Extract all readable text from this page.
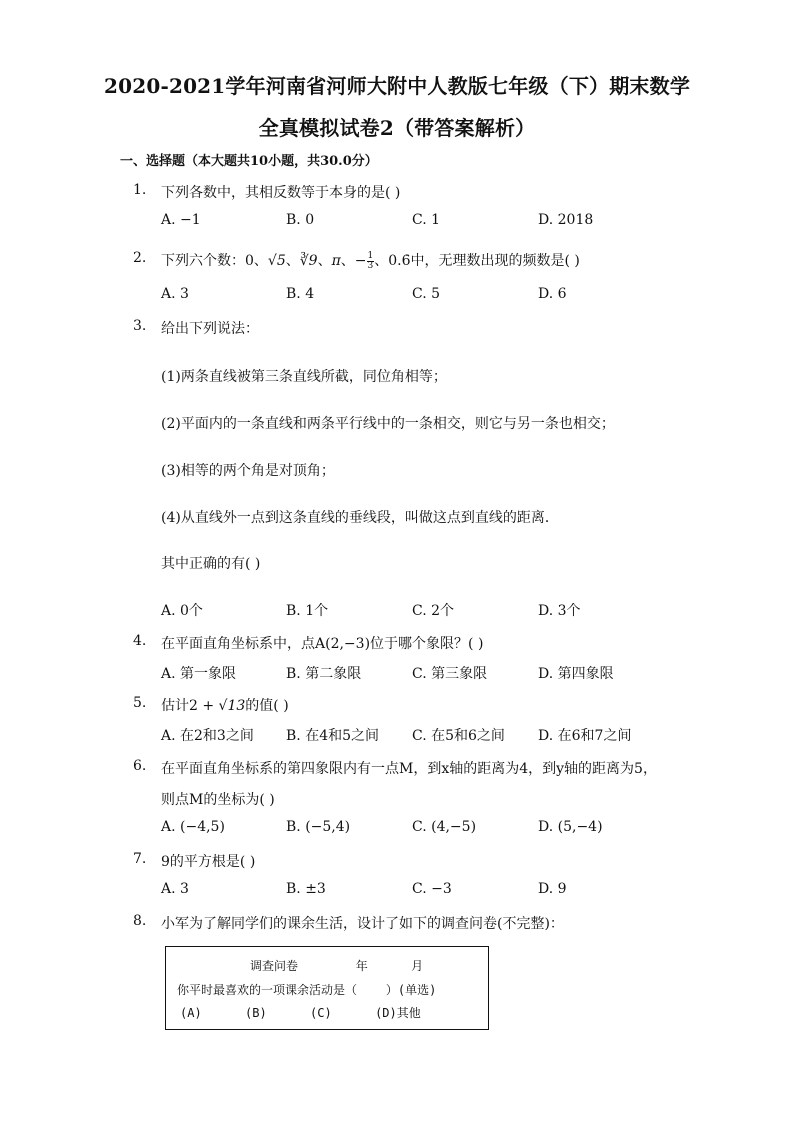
2020-2021学年河南省河师大附中人教版七年级（下）期末数学
全真模拟试卷2（带答案解析）
一、选择题（本大题共10小题，共30.0分）
1. 下列各数中，其相反数等于本身的是( )
A. −1	B. 0	C. 1	D. 2018
2. 下列六个数：0、√5、∛9、π、− $\frac{1}{3}$ 、0.6̇中，无理数出现的频数是( )
A. 3	B. 4	C. 5	D. 6
3. 给出下列说法：
(1)两条直线被第三条直线所截，同位角相等；
(2)平面内的一条直线和两条平行线中的一条相交，则它与另一条也相交；
(3)相等的两个角是对顶角；
(4)从直线外一点到这条直线的垂线段，叫做这点到直线的距离．
其中正确的有( )
A. 0个	B. 1个	C. 2个	D. 3个
4. 在平面直角坐标系中，点A(2,−3)位于哪个象限？( )
A. 第一象限	B. 第二象限	C. 第三象限	D. 第四象限
5. 估计2 + √13的值( )
A. 在2和3之间 B. 在4和5之间 C. 在5和6之间 D. 在6和7之间
6. 在平面直角坐标系的第四象限内有一点M，到x轴的距离为4，到y轴的距离为5，
则点M的坐标为( )
A. (−4,5)	B. (−5,4)	C. (4,−5)	D. (5,−4)
7. 9的平方根是( )
A. 3	B. ±3	C. −3	D. 9
8. 小军为了解同学们的课余生活，设计了如下的调查问卷(不完整)：
调查问卷        年      月
你平时最喜欢的一项课余活动是（    ）(单选)
(A)      (B)      (C)      (D)其他
